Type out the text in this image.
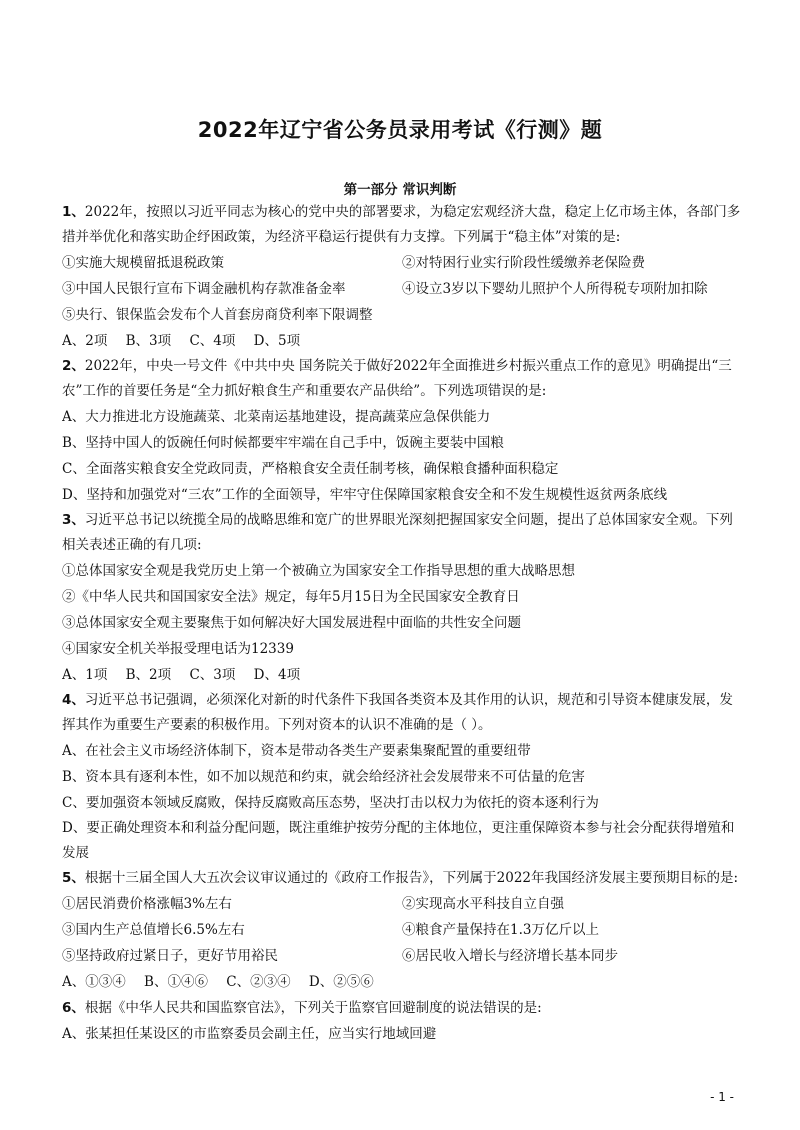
2022年辽宁省公务员录用考试《行测》题
第一部分 常识判断

1、2022年，按照以习近平同志为核心的党中央的部署要求，为稳定宏观经济大盘，稳定上亿市场主体，各部门多措并举优化和落实助企纾困政策，为经济平稳运行提供有力支撑。下列属于“稳主体”对策的是:

①实施大规模留抵退税政策	②对特困行业实行阶段性缓缴养老保险费
③中国人民银行宣布下调金融机构存款准备金率	④设立3岁以下婴幼儿照护个人所得税专项附加扣除
⑤央行、银保监会发布个人首套房商贷利率下限调整
A、2项 B、3项 C、4项 D、5项

2、2022年，中央一号文件《中共中央 国务院关于做好2022年全面推进乡村振兴重点工作的意见》明确提出“三农”工作的首要任务是“全力抓好粮食生产和重要农产品供给”。下列选项错误的是:

A、大力推进北方设施蔬菜、北菜南运基地建设，提高蔬菜应急保供能力
B、坚持中国人的饭碗任何时候都要牢牢端在自己手中，饭碗主要装中国粮
C、全面落实粮食安全党政同责，严格粮食安全责任制考核，确保粮食播种面积稳定
D、坚持和加强党对“三农”工作的全面领导，牢牢守住保障国家粮食安全和不发生规模性返贫两条底线

3、习近平总书记以统揽全局的战略思维和宽广的世界眼光深刻把握国家安全问题，提出了总体国家安全观。下列相关表述正确的有几项:

①总体国家安全观是我党历史上第一个被确立为国家安全工作指导思想的重大战略思想
②《中华人民共和国国家安全法》规定，每年5月15日为全民国家安全教育日
③总体国家安全观主要聚焦于如何解决好大国发展进程中面临的共性安全问题
④国家安全机关举报受理电话为12339
A、1项 B、2项 C、3项 D、4项

4、习近平总书记强调，必须深化对新的时代条件下我国各类资本及其作用的认识，规范和引导资本健康发展，发挥其作为重要生产要素的积极作用。下列对资本的认识不准确的是（ ）。

A、在社会主义市场经济体制下，资本是带动各类生产要素集聚配置的重要纽带
B、资本具有逐利本性，如不加以规范和约束，就会给经济社会发展带来不可估量的危害
C、要加强资本领域反腐败，保持反腐败高压态势，坚决打击以权力为依托的资本逐利行为

D、要正确处理资本和利益分配问题，既注重维护按劳分配的主体地位，更注重保障资本参与社会分配获得增殖和发展

5、根据十三届全国人大五次会议审议通过的《政府工作报告》，下列属于2022年我国经济发展主要预期目标的是:

①居民消费价格涨幅3%左右	②实现高水平科技自立自强
③国内生产总值增长6.5%左右	④粮食产量保持在1.3万亿斤以上
⑤坚持政府过紧日子，更好节用裕民	⑥居民收入增长与经济增长基本同步
A、①③④ B、①④⑥ C、②③④ D、②⑤⑥
6、根据《中华人民共和国监察官法》，下列关于监察官回避制度的说法错误的是:
A、张某担任某设区的市监察委员会副主任，应当实行地域回避
- 1 -
